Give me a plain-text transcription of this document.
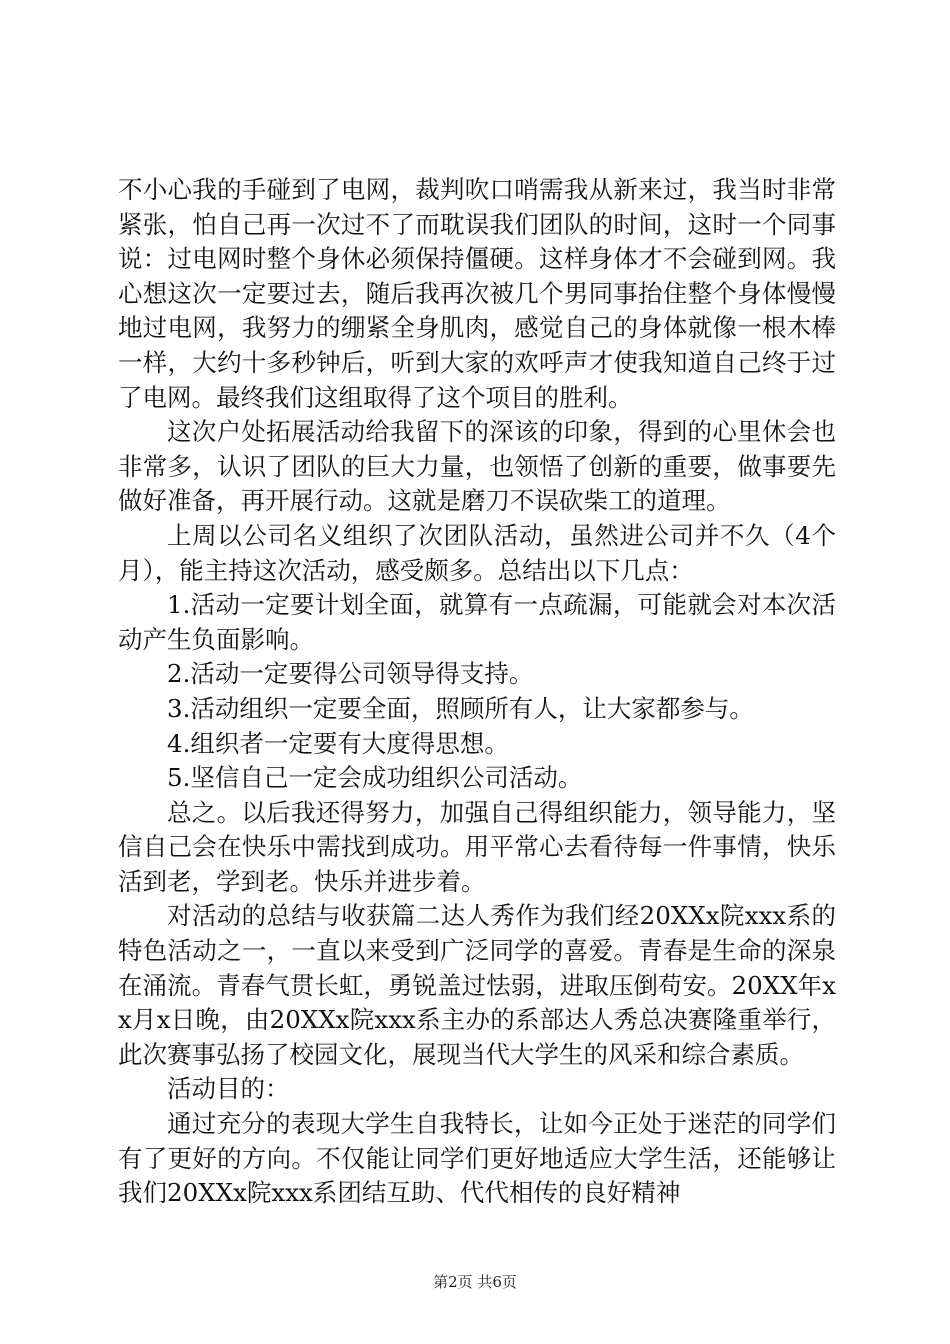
不小心我的手碰到了电网，裁判吹口哨需我从新来过，我当时非常紧张，怕自己再一次过不了而耽误我们团队的时间，这时一个同事说：过电网时整个身休必须保持僵硬。这样身体才不会碰到网。我心想这次一定要过去，随后我再次被几个男同事抬住整个身体慢慢地过电网，我努力的绷紧全身肌肉，感觉自己的身体就像一根木棒一样，大约十多秒钟后，听到大家的欢呼声才使我知道自己终于过了电网。最终我们这组取得了这个项目的胜利。

这次户处拓展活动给我留下的深该的印象，得到的心里休会也非常多，认识了团队的巨大力量，也领悟了创新的重要，做事要先做好准备，再开展行动。这就是磨刀不误砍柴工的道理。

上周以公司名义组织了次团队活动，虽然进公司并不久（4个月），能主持这次活动，感受颇多。总结出以下几点：

1.活动一定要计划全面，就算有一点疏漏，可能就会对本次活动产生负面影响。

2.活动一定要得公司领导得支持。

3.活动组织一定要全面，照顾所有人，让大家都参与。

4.组织者一定要有大度得思想。

5.坚信自己一定会成功组织公司活动。

总之。以后我还得努力，加强自己得组织能力，领导能力，坚信自己会在快乐中需找到成功。用平常心去看待每一件事情，快乐活到老，学到老。快乐并进步着。

对活动的总结与收获篇二达人秀作为我们经20XXx院xxx系的特色活动之一，一直以来受到广泛同学的喜爱。青春是生命的深泉在涌流。青春气贯长虹，勇锐盖过怯弱，进取压倒苟安。20XX年xx月x日晚，由20XXx院xxx系主办的系部达人秀总决赛隆重举行，此次赛事弘扬了校园文化，展现当代大学生的风采和综合素质。

活动目的：

通过充分的表现大学生自我特长，让如今正处于迷茫的同学们有了更好的方向。不仅能让同学们更好地适应大学生活，还能够让我们20XXx院xxx系团结互助、代代相传的良好精神

第2页 共6页
